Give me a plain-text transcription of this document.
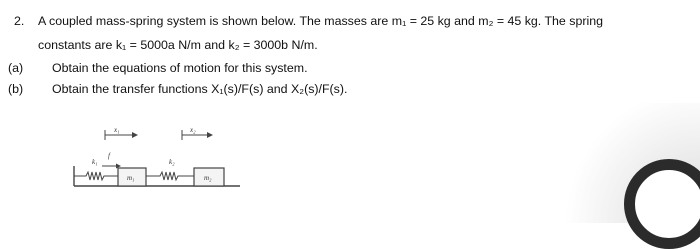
2. A coupled mass-spring system is shown below. The masses are m₁ = 25 kg and m₂ = 45 kg. The spring
constants are k₁ = 5000a N/m and k₂ = 3000b N/m.
(a) Obtain the equations of motion for this system.
(b) Obtain the transfer functions X₁(s)/F(s) and X₂(s)/F(s).
x₁	x₂
k₁
f
m₁
k₂
m₂
